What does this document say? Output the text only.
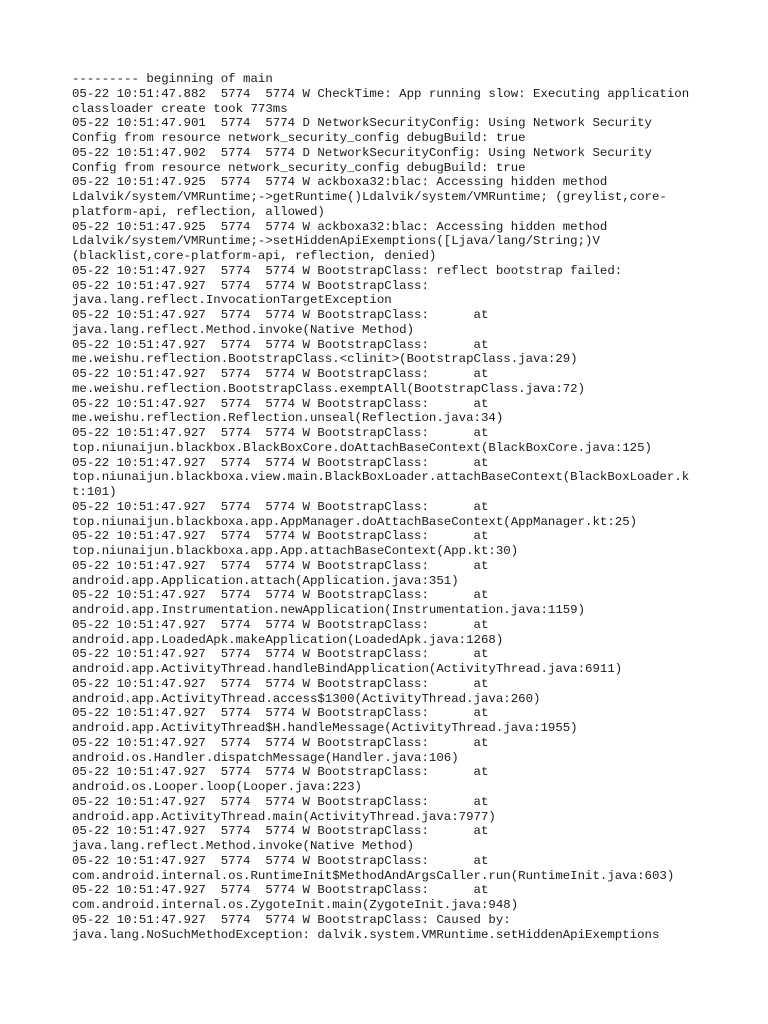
--------- beginning of main
05-22 10:51:47.882  5774  5774 W CheckTime: App running slow: Executing application
classloader create took 773ms
05-22 10:51:47.901  5774  5774 D NetworkSecurityConfig: Using Network Security
Config from resource network_security_config debugBuild: true
05-22 10:51:47.902  5774  5774 D NetworkSecurityConfig: Using Network Security
Config from resource network_security_config debugBuild: true
05-22 10:51:47.925  5774  5774 W ackboxa32:blac: Accessing hidden method
Ldalvik/system/VMRuntime;->getRuntime()Ldalvik/system/VMRuntime; (greylist,core-
platform-api, reflection, allowed)
05-22 10:51:47.925  5774  5774 W ackboxa32:blac: Accessing hidden method
Ldalvik/system/VMRuntime;->setHiddenApiExemptions([Ljava/lang/String;)V
(blacklist,core-platform-api, reflection, denied)
05-22 10:51:47.927  5774  5774 W BootstrapClass: reflect bootstrap failed:
05-22 10:51:47.927  5774  5774 W BootstrapClass:
java.lang.reflect.InvocationTargetException
05-22 10:51:47.927  5774  5774 W BootstrapClass:      at
java.lang.reflect.Method.invoke(Native Method)
05-22 10:51:47.927  5774  5774 W BootstrapClass:      at
me.weishu.reflection.BootstrapClass.<clinit>(BootstrapClass.java:29)
05-22 10:51:47.927  5774  5774 W BootstrapClass:      at
me.weishu.reflection.BootstrapClass.exemptAll(BootstrapClass.java:72)
05-22 10:51:47.927  5774  5774 W BootstrapClass:      at
me.weishu.reflection.Reflection.unseal(Reflection.java:34)
05-22 10:51:47.927  5774  5774 W BootstrapClass:      at
top.niunaijun.blackbox.BlackBoxCore.doAttachBaseContext(BlackBoxCore.java:125)
05-22 10:51:47.927  5774  5774 W BootstrapClass:      at
top.niunaijun.blackboxa.view.main.BlackBoxLoader.attachBaseContext(BlackBoxLoader.k
t:101)
05-22 10:51:47.927  5774  5774 W BootstrapClass:      at
top.niunaijun.blackboxa.app.AppManager.doAttachBaseContext(AppManager.kt:25)
05-22 10:51:47.927  5774  5774 W BootstrapClass:      at
top.niunaijun.blackboxa.app.App.attachBaseContext(App.kt:30)
05-22 10:51:47.927  5774  5774 W BootstrapClass:      at
android.app.Application.attach(Application.java:351)
05-22 10:51:47.927  5774  5774 W BootstrapClass:      at
android.app.Instrumentation.newApplication(Instrumentation.java:1159)
05-22 10:51:47.927  5774  5774 W BootstrapClass:      at
android.app.LoadedApk.makeApplication(LoadedApk.java:1268)
05-22 10:51:47.927  5774  5774 W BootstrapClass:      at
android.app.ActivityThread.handleBindApplication(ActivityThread.java:6911)
05-22 10:51:47.927  5774  5774 W BootstrapClass:      at
android.app.ActivityThread.access$1300(ActivityThread.java:260)
05-22 10:51:47.927  5774  5774 W BootstrapClass:      at
android.app.ActivityThread$H.handleMessage(ActivityThread.java:1955)
05-22 10:51:47.927  5774  5774 W BootstrapClass:      at
android.os.Handler.dispatchMessage(Handler.java:106)
05-22 10:51:47.927  5774  5774 W BootstrapClass:      at
android.os.Looper.loop(Looper.java:223)
05-22 10:51:47.927  5774  5774 W BootstrapClass:      at
android.app.ActivityThread.main(ActivityThread.java:7977)
05-22 10:51:47.927  5774  5774 W BootstrapClass:      at
java.lang.reflect.Method.invoke(Native Method)
05-22 10:51:47.927  5774  5774 W BootstrapClass:      at
com.android.internal.os.RuntimeInit$MethodAndArgsCaller.run(RuntimeInit.java:603)
05-22 10:51:47.927  5774  5774 W BootstrapClass:      at
com.android.internal.os.ZygoteInit.main(ZygoteInit.java:948)
05-22 10:51:47.927  5774  5774 W BootstrapClass: Caused by:
java.lang.NoSuchMethodException: dalvik.system.VMRuntime.setHiddenApiExemptions
